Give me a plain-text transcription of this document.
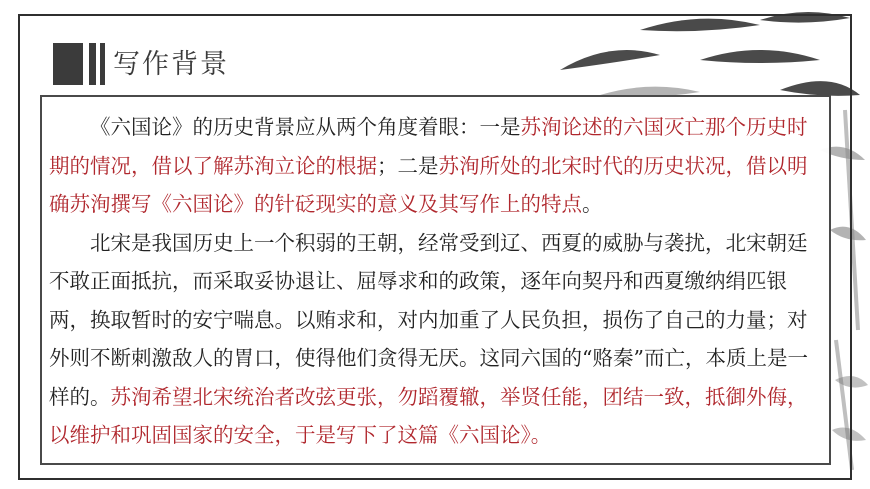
写作背景

《六国论》的历史背景应从两个角度着眼：一是苏洵论述的六国灭亡那个历史时期的情况，借以了解苏洵立论的根据；二是苏洵所处的北宋时代的历史状况，借以明确苏洵撰写《六国论》的针砭现实的意义及其写作上的特点。

北宋是我国历史上一个积弱的王朝，经常受到辽、西夏的威胁与袭扰，北宋朝廷不敢正面抵抗，而采取妥协退让、屈辱求和的政策，逐年向契丹和西夏缴纳绢匹银两，换取暂时的安宁喘息。以贿求和，对内加重了人民负担，损伤了自己的力量；对外则不断刺激敌人的胃口，使得他们贪得无厌。这同六国的“赂秦”而亡，本质上是一样的。苏洵希望北宋统治者改弦更张，勿蹈覆辙，举贤任能，团结一致，抵御外侮，以维护和巩固国家的安全，于是写下了这篇《六国论》。
